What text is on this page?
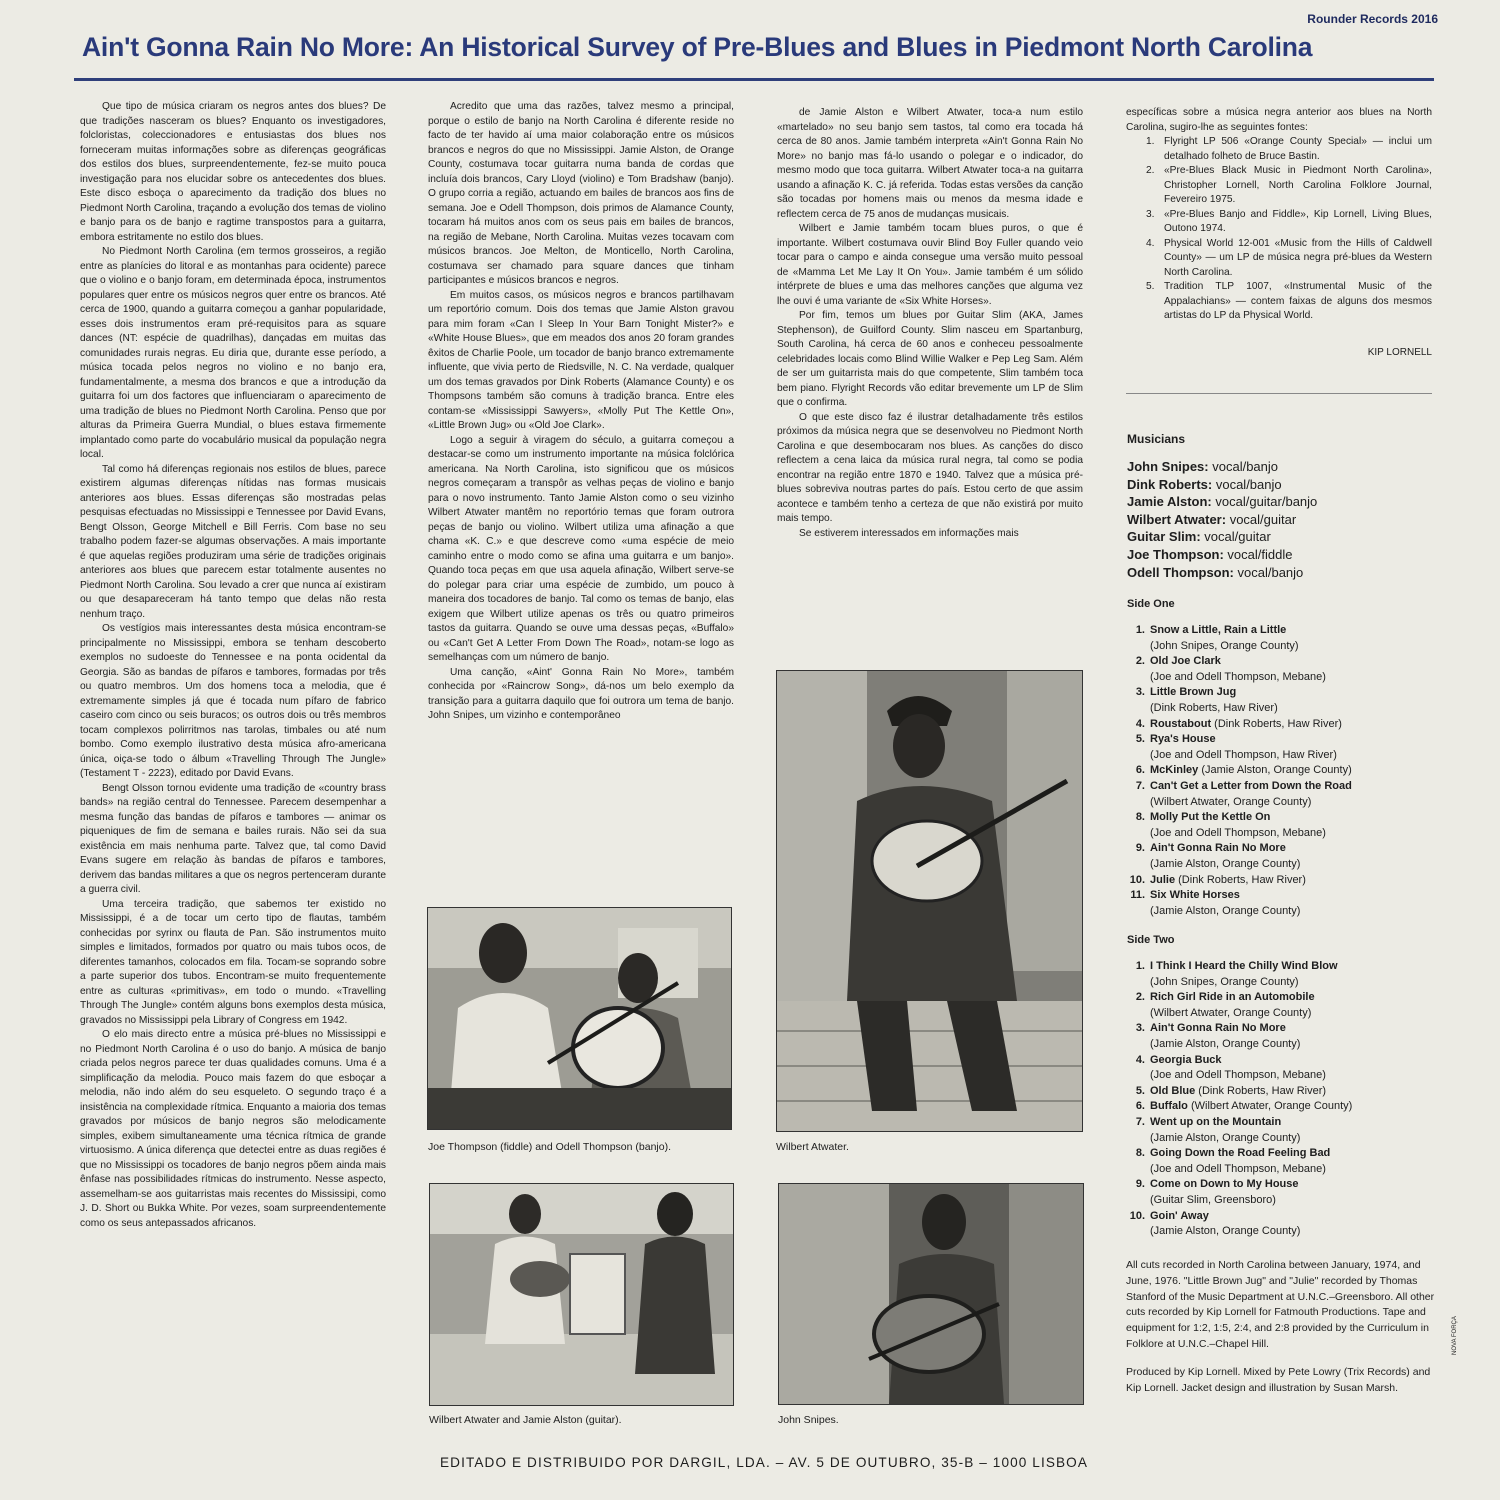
Rounder Records 2016
Ain't Gonna Rain No More: An Historical Survey of Pre-Blues and Blues in Piedmont North Carolina

Que tipo de música criaram os negros antes dos blues? De que tradições nasceram os blues? Enquanto os investigadores, folcloristas, coleccionadores e entusiastas dos blues nos forneceram muitas informações sobre as diferenças geográficas dos estilos dos blues, surpreendentemente, fez-se muito pouca investigação para nos elucidar sobre os antecedentes dos blues. Este disco esboça o aparecimento da tradição dos blues no Piedmont North Carolina, traçando a evolução dos temas de violino e banjo para os de banjo e ragtime transpostos para a guitarra, embora estritamente no estilo dos blues.

No Piedmont North Carolina (em termos grosseiros, a região entre as planícies do litoral e as montanhas para ocidente) parece que o violino e o banjo foram, em determinada época, instrumentos populares quer entre os músicos negros quer entre os brancos. Até cerca de 1900, quando a guitarra começou a ganhar popularidade, esses dois instrumentos eram pré-requisitos para as square dances (NT: espécie de quadrilhas), dançadas em muitas das comunidades rurais negras. Eu diria que, durante esse período, a música tocada pelos negros no violino e no banjo era, fundamentalmente, a mesma dos brancos e que a introdução da guitarra foi um dos factores que influenciaram o aparecimento de uma tradição de blues no Piedmont North Carolina. Penso que por alturas da Primeira Guerra Mundial, o blues estava firmemente implantado como parte do vocabulário musical da população negra local.

Tal como há diferenças regionais nos estilos de blues, parece existirem algumas diferenças nítidas nas formas musicais anteriores aos blues. Essas diferenças são mostradas pelas pesquisas efectuadas no Mississippi e Tennessee por David Evans, Bengt Olsson, George Mitchell e Bill Ferris. Com base no seu trabalho podem fazer-se algumas observações. A mais importante é que aquelas regiões produziram uma série de tradições originais anteriores aos blues que parecem estar totalmente ausentes no Piedmont North Carolina. Sou levado a crer que nunca aí existiram ou que desapareceram há tanto tempo que delas não resta nenhum traço.

Os vestígios mais interessantes desta música encontram-se principalmente no Mississippi, embora se tenham descoberto exemplos no sudoeste do Tennessee e na ponta ocidental da Georgia. São as bandas de pífaros e tambores, formadas por três ou quatro membros. Um dos homens toca a melodia, que é extremamente simples já que é tocada num pífaro de fabrico caseiro com cinco ou seis buracos; os outros dois ou três membros tocam complexos polirritmos nas tarolas, timbales ou até num bombo. Como exemplo ilustrativo desta música afro-americana única, oiça-se todo o álbum «Travelling Through The Jungle» (Testament T - 2223), editado por David Evans.

Bengt Olsson tornou evidente uma tradição de «country brass bands» na região central do Tennessee. Parecem desempenhar a mesma função das bandas de pífaros e tambores — animar os piqueniques de fim de semana e bailes rurais. Não sei da sua existência em mais nenhuma parte. Talvez que, tal como David Evans sugere em relação às bandas de pífaros e tambores, derivem das bandas militares a que os negros pertenceram durante a guerra civil.

Uma terceira tradição, que sabemos ter existido no Mississippi, é a de tocar um certo tipo de flautas, também conhecidas por syrinx ou flauta de Pan. São instrumentos muito simples e limitados, formados por quatro ou mais tubos ocos, de diferentes tamanhos, colocados em fila. Tocam-se soprando sobre a parte superior dos tubos. Encontram-se muito frequentemente entre as culturas «primitivas», em todo o mundo. «Travelling Through The Jungle» contém alguns bons exemplos desta música, gravados no Mississippi pela Library of Congress em 1942.

O elo mais directo entre a música pré-blues no Mississippi e no Piedmont North Carolina é o uso do banjo. A música de banjo criada pelos negros parece ter duas qualidades comuns. Uma é a simplificação da melodia. Pouco mais fazem do que esboçar a melodia, não indo além do seu esqueleto. O segundo traço é a insistência na complexidade rítmica. Enquanto a maioria dos temas gravados por músicos de banjo negros são melodicamente simples, exibem simultaneamente uma técnica rítmica de grande virtuosismo. A única diferença que detectei entre as duas regiões é que no Mississippi os tocadores de banjo negros põem ainda mais ênfase nas possibilidades rítmicas do instrumento. Nesse aspecto, assemelham-se aos guitarristas mais recentes do Mississipi, como J. D. Short ou Bukka White. Por vezes, soam surpreendentemente como os seus antepassados africanos.

Acredito que uma das razões, talvez mesmo a principal, porque o estilo de banjo na North Carolina é diferente reside no facto de ter havido aí uma maior colaboração entre os músicos brancos e negros do que no Mississippi. Jamie Alston, de Orange County, costumava tocar guitarra numa banda de cordas que incluía dois brancos, Cary Lloyd (violino) e Tom Bradshaw (banjo). O grupo corria a região, actuando em bailes de brancos aos fins de semana. Joe e Odell Thompson, dois primos de Alamance County, tocaram há muitos anos com os seus pais em bailes de brancos, na região de Mebane, North Carolina. Muitas vezes tocavam com músicos brancos. Joe Melton, de Monticello, North Carolina, costumava ser chamado para square dances que tinham participantes e músicos brancos e negros.

Em muitos casos, os músicos negros e brancos partilhavam um reportório comum. Dois dos temas que Jamie Alston gravou para mim foram «Can I Sleep In Your Barn Tonight Mister?» e «White House Blues», que em meados dos anos 20 foram grandes êxitos de Charlie Poole, um tocador de banjo branco extremamente influente, que vivia perto de Riedsville, N. C. Na verdade, qualquer um dos temas gravados por Dink Roberts (Alamance County) e os Thompsons também são comuns à tradição branca. Entre eles contam-se «Mississippi Sawyers», «Molly Put The Kettle On», «Little Brown Jug» ou «Old Joe Clark».

Logo a seguir à viragem do século, a guitarra começou a destacar-se como um instrumento importante na música folclórica americana. Na North Carolina, isto significou que os músicos negros começaram a transpôr as velhas peças de violino e banjo para o novo instrumento. Tanto Jamie Alston como o seu vizinho Wilbert Atwater mantêm no reportório temas que foram outrora peças de banjo ou violino. Wilbert utiliza uma afinação a que chama «K. C.» e que descreve como «uma espécie de meio caminho entre o modo como se afina uma guitarra e um banjo». Quando toca peças em que usa aquela afinação, Wilbert serve-se do polegar para criar uma espécie de zumbido, um pouco à maneira dos tocadores de banjo. Tal como os temas de banjo, elas exigem que Wilbert utilize apenas os três ou quatro primeiros tastos da guitarra. Quando se ouve uma dessas peças, «Buffalo» ou «Can't Get A Letter From Down The Road», notam-se logo as semelhanças com um número de banjo.

Uma canção, «Aint' Gonna Rain No More», também conhecida por «Raincrow Song», dá-nos um belo exemplo da transição para a guitarra daquilo que foi outrora um tema de banjo. John Snipes, um vizinho e contemporâneo

de Jamie Alston e Wilbert Atwater, toca-a num estilo «martelado» no seu banjo sem tastos, tal como era tocada há cerca de 80 anos. Jamie também interpreta «Ain't Gonna Rain No More» no banjo mas fá-lo usando o polegar e o indicador, do mesmo modo que toca guitarra. Wilbert Atwater toca-a na guitarra usando a afinação K. C. já referida. Todas estas versões da canção são tocadas por homens mais ou menos da mesma idade e reflectem cerca de 75 anos de mudanças musicais.

Wilbert e Jamie também tocam blues puros, o que é importante. Wilbert costumava ouvir Blind Boy Fuller quando veio tocar para o campo e ainda consegue uma versão muito pessoal de «Mamma Let Me Lay It On You». Jamie também é um sólido intérprete de blues e uma das melhores canções que alguma vez lhe ouvi é uma variante de «Six White Horses».

Por fim, temos um blues por Guitar Slim (AKA, James Stephenson), de Guilford County. Slim nasceu em Spartanburg, South Carolina, há cerca de 60 anos e conheceu pessoalmente celebridades locais como Blind Willie Walker e Pep Leg Sam. Além de ser um guitarrista mais do que competente, Slim também toca bem piano. Flyright Records vão editar brevemente um LP de Slim que o confirma.

O que este disco faz é ilustrar detalhadamente três estilos próximos da música negra que se desenvolveu no Piedmont North Carolina e que desembocaram nos blues. As canções do disco reflectem a cena laica da música rural negra, tal como se podia encontrar na região entre 1870 e 1940. Talvez que a música pré-blues sobreviva noutras partes do país. Estou certo de que assim acontece e também tenho a certeza de que não existirá por muito mais tempo.

Se estiverem interessados em informações mais

específicas sobre a música negra anterior aos blues na North Carolina, sugiro-lhe as seguintes fontes:

1. Flyright LP 506 «Orange County Special» — inclui um detalhado folheto de Bruce Bastin.
2. «Pre-Blues Black Music in Piedmont North Carolina», Christopher Lornell, North Carolina Folklore Journal, Fevereiro 1975.
3. «Pre-Blues Banjo and Fiddle», Kip Lornell, Living Blues, Outono 1974.
4. Physical World 12-001 «Music from the Hills of Caldwell County» — um LP de música negra pré-blues da Western North Carolina.
5. Tradition TLP 1007, «Instrumental Music of the Appalachians» — contem faixas de alguns dos mesmos artistas do LP da Physical World.
KIP LORNELL
Musicians
John Snipes: vocal/banjo
Dink Roberts: vocal/banjo
Jamie Alston: vocal/guitar/banjo
Wilbert Atwater: vocal/guitar
Guitar Slim: vocal/guitar
Joe Thompson: vocal/fiddle
Odell Thompson: vocal/banjo
Side One
1. Snow a Little, Rain a Little
(John Snipes, Orange County)
2. Old Joe Clark
(Joe and Odell Thompson, Mebane)
3. Little Brown Jug
(Dink Roberts, Haw River)
4. Roustabout (Dink Roberts, Haw River)
5. Rya's House
(Joe and Odell Thompson, Haw River)
6. McKinley (Jamie Alston, Orange County)
7. Can't Get a Letter from Down the Road
(Wilbert Atwater, Orange County)
8. Molly Put the Kettle On
(Joe and Odell Thompson, Mebane)
9. Ain't Gonna Rain No More
(Jamie Alston, Orange County)
10. Julie (Dink Roberts, Haw River)
11. Six White Horses
(Jamie Alston, Orange County)
Side Two
1. I Think I Heard the Chilly Wind Blow
(John Snipes, Orange County)
2. Rich Girl Ride in an Automobile
(Wilbert Atwater, Orange County)
3. Ain't Gonna Rain No More
(Jamie Alston, Orange County)
4. Georgia Buck
(Joe and Odell Thompson, Mebane)
5. Old Blue (Dink Roberts, Haw River)
6. Buffalo (Wilbert Atwater, Orange County)
7. Went up on the Mountain
(Jamie Alston, Orange County)
8. Going Down the Road Feeling Bad
(Joe and Odell Thompson, Mebane)
9. Come on Down to My House
(Guitar Slim, Greensboro)
10. Goin' Away
(Jamie Alston, Orange County)

All cuts recorded in North Carolina between January, 1974, and June, 1976. "Little Brown Jug" and "Julie" recorded by Thomas Stanford of the Music Department at U.N.C.–Greensboro. All other cuts recorded by Kip Lornell for Fatmouth Productions. Tape and equipment for 1:2, 1:5, 2:4, and 2:8 provided by the Curriculum in Folklore at U.N.C.–Chapel Hill.

Produced by Kip Lornell. Mixed by Pete Lowry (Trix Records) and Kip Lornell. Jacket design and illustration by Susan Marsh.

Joe Thompson (fiddle) and Odell Thompson (banjo).	Wilbert Atwater.
Wilbert Atwater and Jamie Alston (guitar).	John Snipes.
EDITADO E DISTRIBUIDO POR DARGIL, LDA. – AV. 5 DE OUTUBRO, 35-B – 1000 LISBOA
NOVA FORÇA
